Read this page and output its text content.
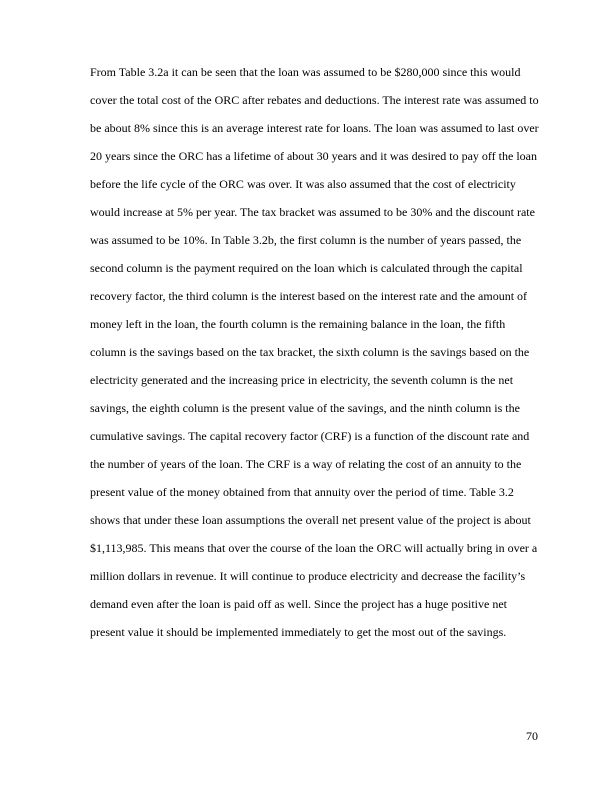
From Table 3.2a it can be seen that the loan was assumed to be $280,000 since this would
cover the total cost of the ORC after rebates and deductions. The interest rate was assumed to
be about 8% since this is an average interest rate for loans. The loan was assumed to last over
20 years since the ORC has a lifetime of about 30 years and it was desired to pay off the loan
before the life cycle of the ORC was over. It was also assumed that the cost of electricity
would increase at 5% per year. The tax bracket was assumed to be 30% and the discount rate
was assumed to be 10%. In Table 3.2b, the first column is the number of years passed, the
second column is the payment required on the loan which is calculated through the capital
recovery factor, the third column is the interest based on the interest rate and the amount of
money left in the loan, the fourth column is the remaining balance in the loan, the fifth
column is the savings based on the tax bracket, the sixth column is the savings based on the
electricity generated and the increasing price in electricity, the seventh column is the net
savings, the eighth column is the present value of the savings, and the ninth column is the
cumulative savings. The capital recovery factor (CRF) is a function of the discount rate and
the number of years of the loan. The CRF is a way of relating the cost of an annuity to the
present value of the money obtained from that annuity over the period of time. Table 3.2
shows that under these loan assumptions the overall net present value of the project is about
$1,113,985. This means that over the course of the loan the ORC will actually bring in over a
million dollars in revenue. It will continue to produce electricity and decrease the facility’s
demand even after the loan is paid off as well. Since the project has a huge positive net
present value it should be implemented immediately to get the most out of the savings.
70
